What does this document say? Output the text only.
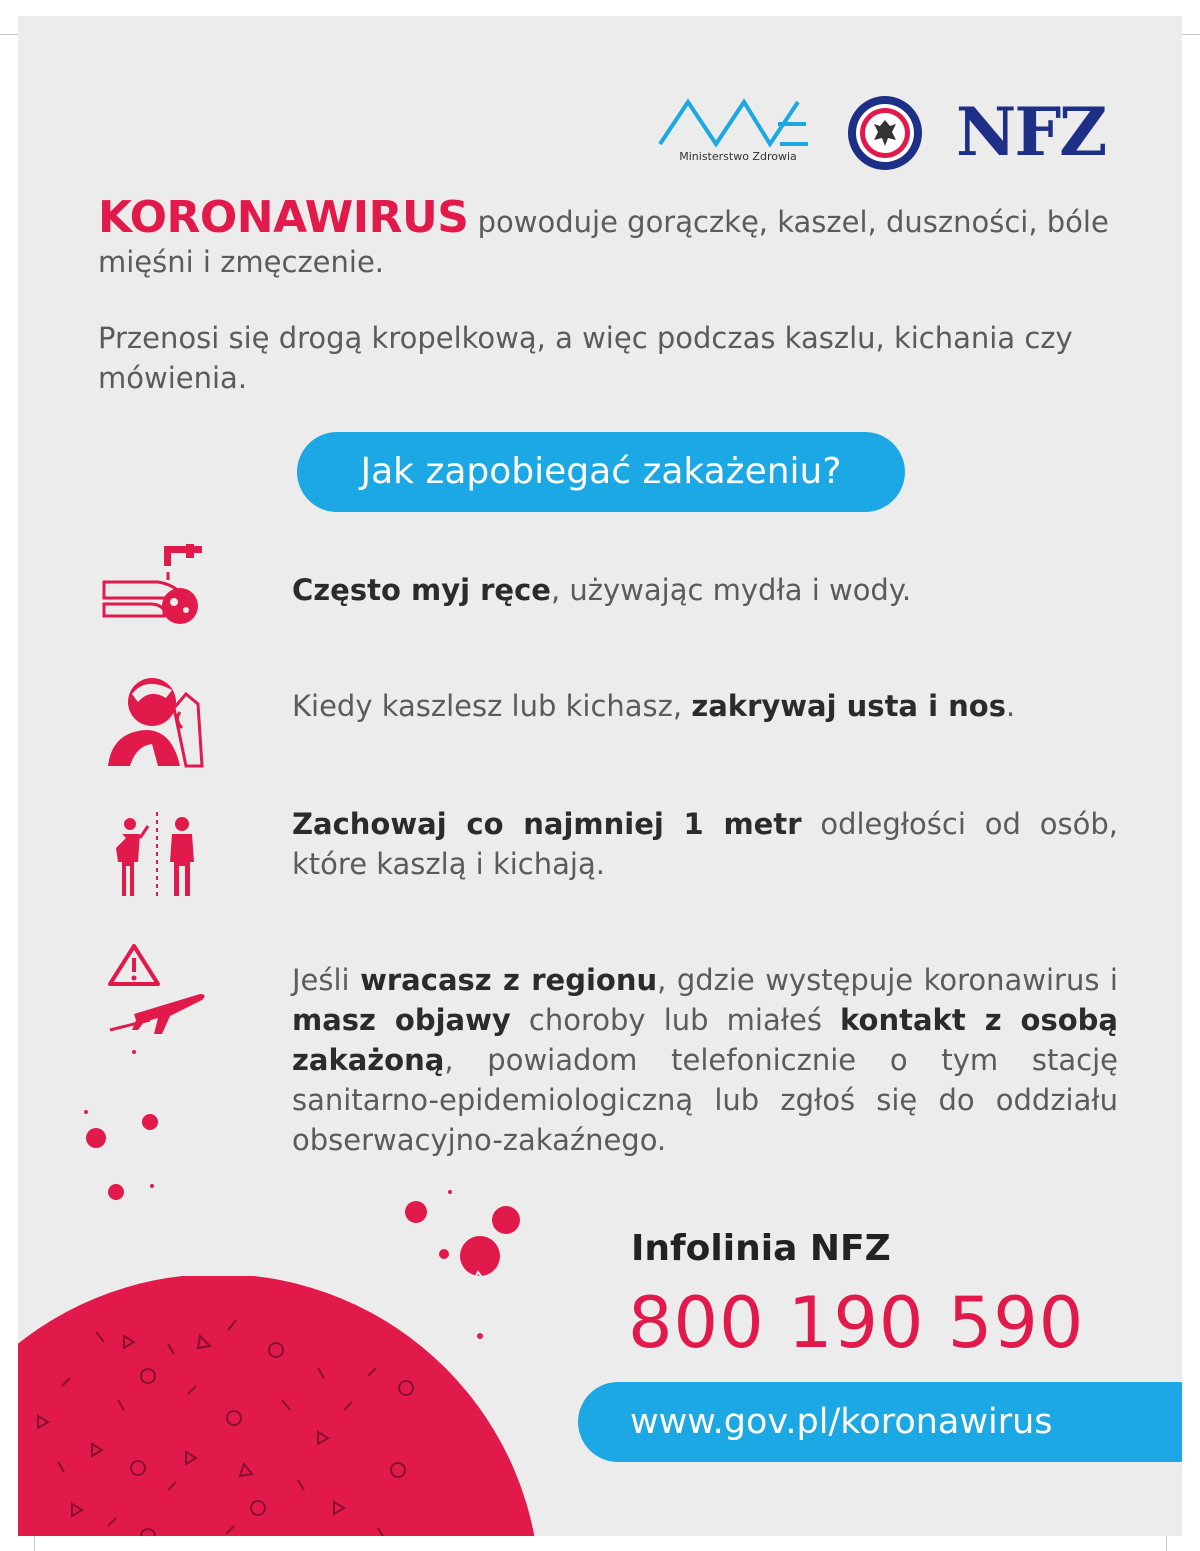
Ministerstwo Zdrowia	NFZ

KORONAWIRUS powoduje gorączkę, kaszel, duszności, bóle mięśni i zmęczenie.

Przenosi się drogą kropelkową, a więc podczas kaszlu, kichania czy mówienia.

Jak zapobiegać zakażeniu?
Często myj ręce, używając mydła i wody.
Kiedy kaszlesz lub kichasz, zakrywaj usta i nos.
Zachowaj co najmniej 1 metr odległości od osób, które kaszlą i kichają.
Jeśli wracasz z regionu, gdzie występuje koronawirus i masz objawy choroby lub miałeś kontakt z osobą zakażoną, powiadom telefonicznie o tym stację sanitarno-epidemiologiczną lub zgłoś się do oddziału obserwacyjno-zakaźnego.
Infolinia NFZ
800 190 590
www.gov.pl/koronawirus
